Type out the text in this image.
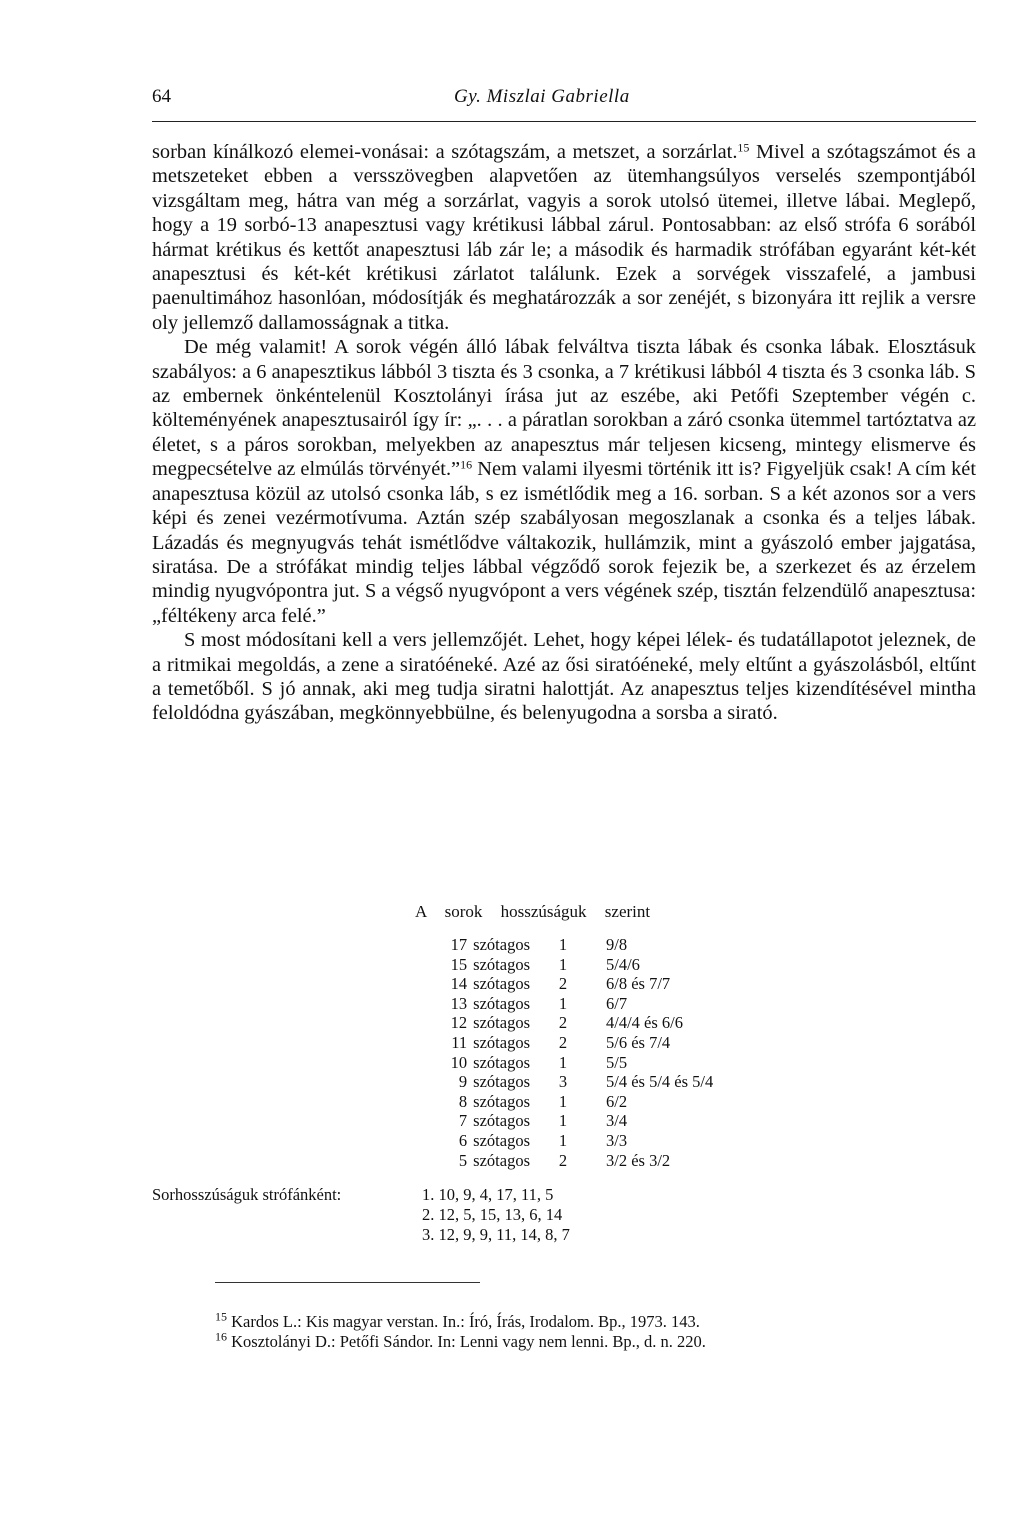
64	Gy. Miszlai Gabriella

sorban kínálkozó elemei-vonásai: a szótagszám, a metszet, a sorzárlat.$^{15}$ Mivel a szótagszámot és a metszeteket ebben a versszövegben alapvetően az ütemhangsúlyos verselés szempontjából vizsgáltam meg, hátra van még a sorzárlat, vagyis a sorok utolsó ütemei, illetve lábai. Meglepő, hogy a 19 sorbó-13 anapesztusi vagy krétikusi lábbal zárul. Pontosabban: az első strófa 6 sorából hármat krétikus és kettőt anapesztusi láb zár le; a második és harmadik strófában egyaránt két-két anapesztusi és két-két krétikusi zárlatot találunk. Ezek a sorvégek visszafelé, a jambusi paenultimához hasonlóan, módosítják és meghatározzák a sor zenéjét, s bizonyára itt rejlik a versre oly jellemző dallamosságnak a titka.

De még valamit! A sorok végén álló lábak felváltva tiszta lábak és csonka lábak. Elosztásuk szabályos: a 6 anapesztikus lábból 3 tiszta és 3 csonka, a 7 krétikusi lábból 4 tiszta és 3 csonka láb. S az embernek önkéntelenül Kosztolányi írása jut az eszébe, aki Petőfi Szeptember végén c. költeményének anapesztusairól így ír: „. . . a páratlan sorokban a záró csonka ütemmel tartóztatva az életet, s a páros sorokban, melyekben az anapesztus már teljesen kicseng, mintegy elismerve és megpecsételve az elmúlás törvényét.”$^{16}$ Nem valami ilyesmi történik itt is? Figyeljük csak! A cím két anapesztusa közül az utolsó csonka láb, s ez ismétlődik meg a 16. sorban. S a két azonos sor a vers képi és zenei vezérmotívuma. Aztán szép szabályosan megoszlanak a csonka és a teljes lábak. Lázadás és megnyugvás tehát ismétlődve váltakozik, hullámzik, mint a gyászoló ember jajgatása, siratása. De a strófákat mindig teljes lábbal végződő sorok fejezik be, a szerkezet és az érzelem mindig nyugvópontra jut. S a végső nyugvópont a vers végének szép, tisztán felzendülő anapesztusa: „féltékeny arca felé.”

S most módosítani kell a vers jellemzőjét. Lehet, hogy képei lélek- és tudatállapotot jeleznek, de a ritmikai megoldás, a zene a siratóéneké. Azé az ősi siratóéneké, mely eltűnt a gyászolásból, eltűnt a temetőből. S jó annak, aki meg tudja siratni halottját. Az anapesztus teljes kizendítésével mintha feloldódna gyászában, megkönnyebbülne, és belenyugodna a sorsba a sirató.

A sorok hosszúságuk szerint
17 szótagos	1	9/8
15 szótagos	1	5/4/6
14 szótagos	2	6/8 és 7/7
13 szótagos	1	6/7
12 szótagos	2	4/4/4 és 6/6
11 szótagos	2	5/6 és 7/4
10 szótagos	1	5/5
9 szótagos	3	5/4 és 5/4 és 5/4
8 szótagos	1	6/2
7 szótagos	1	3/4
6 szótagos	1	3/3
5 szótagos	2	3/2 és 3/2
Sorhosszúságuk strófánként:	1. 10, 9, 4, 17, 11, 5
2. 12, 5, 15, 13, 6, 14
3. 12, 9, 9, 11, 14, 8, 7

$^{15}$ Kardos L.: Kis magyar verstan. In.: Író, Írás, Irodalom. Bp., 1973. 143.

$^{16}$ Kosztolányi D.: Petőfi Sándor. In: Lenni vagy nem lenni. Bp., d. n. 220.
